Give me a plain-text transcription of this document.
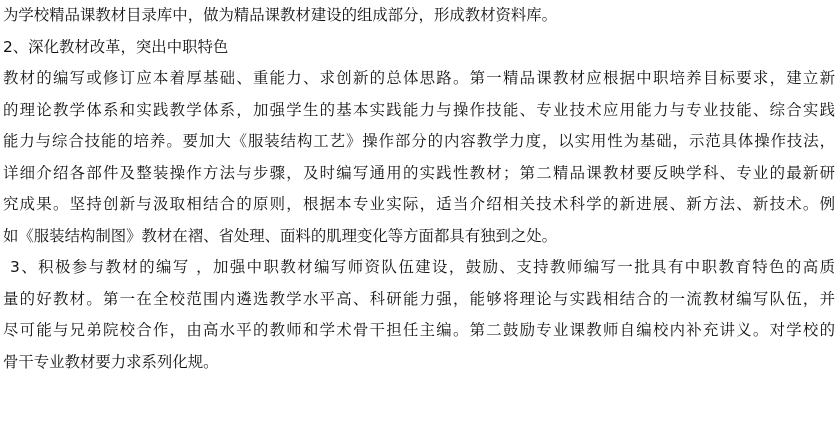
为学校精品课教材目录库中，做为精品课教材建设的组成部分，形成教材资料库。
2、深化教材改革，突出中职特色
教材的编写或修订应本着厚基础、重能力、求创新的总体思路。第一精品课教材应根据中职培养目标要求，建立新
的理论教学体系和实践教学体系，加强学生的基本实践能力与操作技能、专业技术应用能力与专业技能、综合实践
能力与综合技能的培养。要加大《服装结构工艺》操作部分的内容教学力度，以实用性为基础，示范具体操作技法，
详细介绍各部件及整装操作方法与步骤，及时编写通用的实践性教材；第二精品课教材要反映学科、专业的最新研
究成果。坚持创新与汲取相结合的原则，根据本专业实际，适当介绍相关技术科学的新进展、新方法、新技术。例
如《服装结构制图》教材在褶、省处理、面料的肌理变化等方面都具有独到之处。
3、积极参与教材的编写 ，加强中职教材编写师资队伍建设，鼓励、支持教师编写一批具有中职教育特色的高质
量的好教材。第一在全校范围内遴选教学水平高、科研能力强，能够将理论与实践相结合的一流教材编写队伍，并
尽可能与兄弟院校合作，由高水平的教师和学术骨干担任主编。第二鼓励专业课教师自编校内补充讲义。对学校的
骨干专业教材要力求系列化规。
